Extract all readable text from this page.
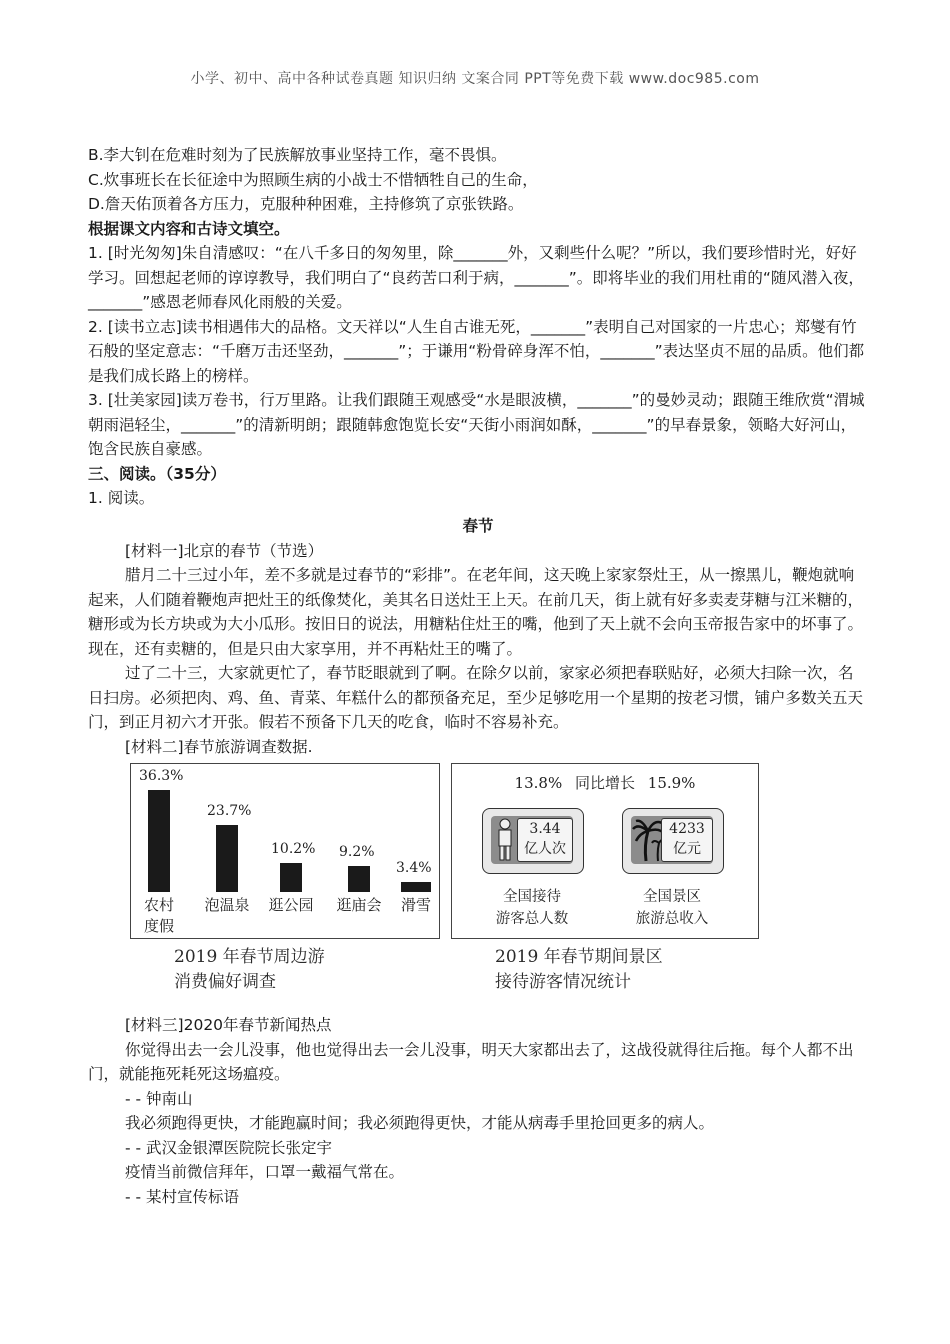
小学、初中、高中各种试卷真题 知识归纳 文案合同 PPT等免费下载 www.doc985.com

B.李大钊在危难时刻为了民族解放事业坚持工作，毫不畏惧。

C.炊事班长在长征途中为照顾生病的小战士不惜牺牲自己的生命，

D.詹天佑顶着各方压力，克服种种困难，主持修筑了京张铁路。

根据课文内容和古诗文填空。

1. [时光匆匆]朱自清感叹：“在八千多日的匆匆里，除_______外，又剩些什么呢？”所以，我们要珍惜时光，好好学习。回想起老师的谆谆教导，我们明白了“良药苦口利于病，_______”。即将毕业的我们用杜甫的“随风潜入夜，_______”感恩老师春风化雨般的关爱。

2. [读书立志]读书相遇伟大的品格。文天祥以“人生自古谁无死，_______”表明自己对国家的一片忠心；郑燮有竹石般的坚定意志：“千磨万击还坚劲，_______”；于谦用“粉骨碎身浑不怕，_______”表达坚贞不屈的品质。他们都是我们成长路上的榜样。

3. [壮美家园]读万卷书，行万里路。让我们跟随王观感受“水是眼波横，_______”的曼妙灵动；跟随王维欣赏“渭城朝雨浥轻尘，_______”的清新明朗；跟随韩愈饱览长安“天街小雨润如酥，_______”的早春景象，领略大好河山，饱含民族自豪感。

三、阅读。（35分）

1. 阅读。

春节

[材料一]北京的春节（节选）

腊月二十三过小年，差不多就是过春节的“彩排”。在老年间，这天晚上家家祭灶王，从一擦黑儿，鞭炮就响起来，人们随着鞭炮声把灶王的纸像焚化，美其名日送灶王上天。在前几天，街上就有好多卖麦芽糖与江米糖的，糖形或为长方块或为大小瓜形。按旧日的说法，用糖粘住灶王的嘴，他到了天上就不会向玉帝报告家中的坏事了。现在，还有卖糖的，但是只由大家享用，并不再粘灶王的嘴了。

过了二十三，大家就更忙了，春节眨眼就到了啊。在除夕以前，家家必须把春联贴好，必须大扫除一次，名日扫房。必须把肉、鸡、鱼、青菜、年糕什么的都预备充足，至少足够吃用一个星期的按老习惯，铺户多数关五天门，到正月初六才开张。假若不预备下几天的吃食，临时不容易补充。

[材料二]春节旅游调查数据.

36.3%
农村
度假
23.7%
泡温泉
10.2%
逛公园
9.2%
逛庙会
3.4%
滑雪
2019 年春节周边游
消费偏好调查
13.8% 同比增长 15.9%
3.44
亿人次
全国接待
游客总人数
4233
亿元
全国景区
旅游总收入
2019 年春节期间景区
接待游客情况统计

[材料三]2020年春节新闻热点

你觉得出去一会儿没事，他也觉得出去一会儿没事，明天大家都出去了，这战役就得往后拖。每个人都不出门，就能拖死耗死这场瘟疫。

- - 钟南山

我必须跑得更快，才能跑赢时间；我必须跑得更快，才能从病毒手里抢回更多的病人。

- - 武汉金银潭医院院长张定宇

疫情当前微信拜年，口罩一戴福气常在。

- - 某村宣传标语
